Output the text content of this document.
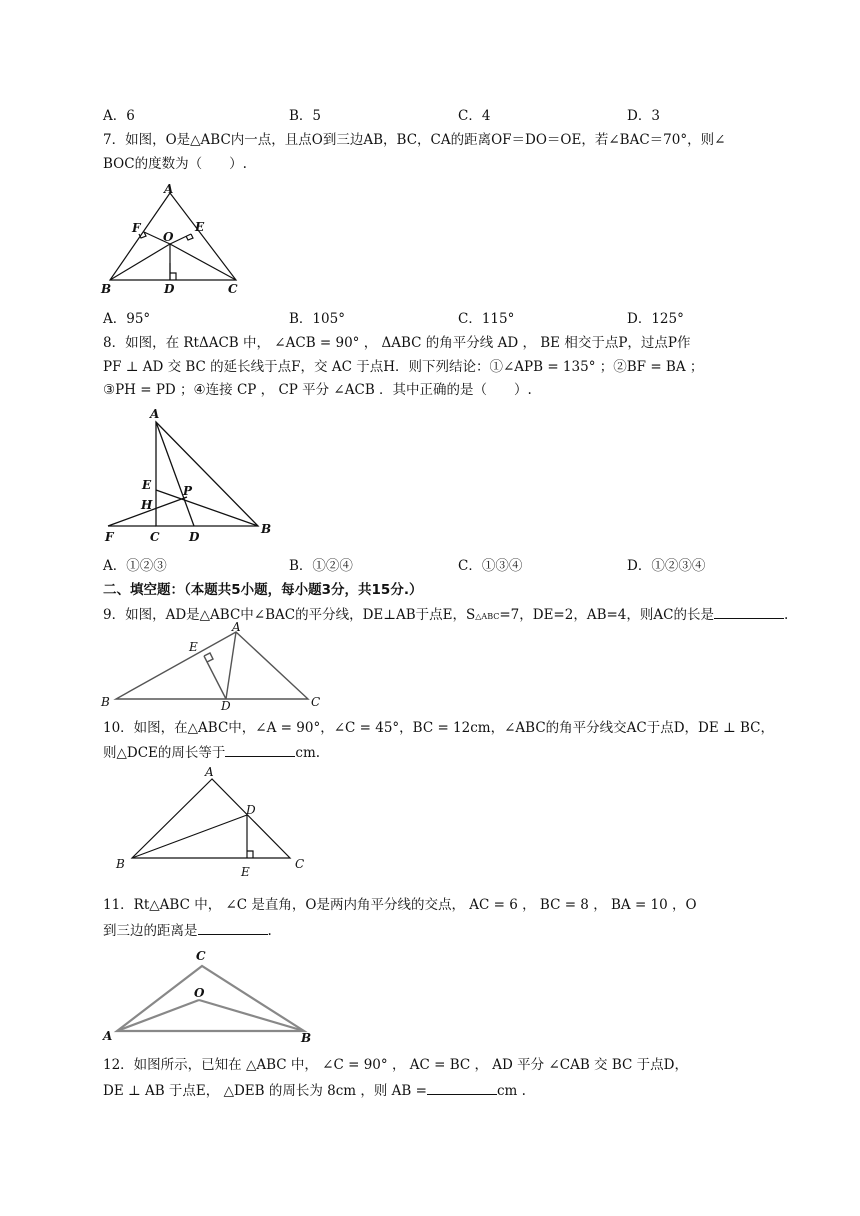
A．6	B．5	C．4	D．3
7．如图，O是△ABC内一点，且点O到三边AB，BC，CA的距离OF＝DO＝OE，若∠BAC＝70°，则∠
BOC的度数为（　　）.
A
F	E
O
B	D	C
A．95°	B．105°	C．115°	D．125°
8．如图，在 RtΔACB 中， ∠ACB = 90° ， ΔABC 的角平分线 AD ， BE 相交于点P，过点P作
PF ⊥ AD 交 BC 的延长线于点F，交 AC 于点H．则下列结论：①∠APB = 135° ；②BF = BA ；
③PH = PD ；④连接 CP ， CP 平分 ∠ACB ．其中正确的是（　　）.
A
E
H
P
F	C D
B
A．①②③	B．①②④	C．①③④	D．①②③④
二、填空题：（本题共5小题，每小题3分，共15分.）
9．如图，AD是△ABC中∠BAC的平分线，DE⊥AB于点E，S△ABC=7，DE=2，AB=4，则AC的长是	.
A
E
B	D	C
10．如图，在△ABC中，∠A = 90°，∠C = 45°，BC = 12cm，∠ABC的角平分线交AC于点D，DE ⊥ BC，
则△DCE的周长等于	cm.
A
D
B
E
C
11．Rt△ABC 中， ∠C 是直角，O是两内角平分线的交点， AC = 6 ， BC = 8 ， BA = 10 ，O
到三边的距离是	.
C
O
A	B
12．如图所示，已知在 △ABC 中， ∠C = 90° ， AC = BC ， AD 平分 ∠CAB 交 BC 于点D，
DE ⊥ AB 于点E， △DEB 的周长为 8cm ，则 AB =	cm .
